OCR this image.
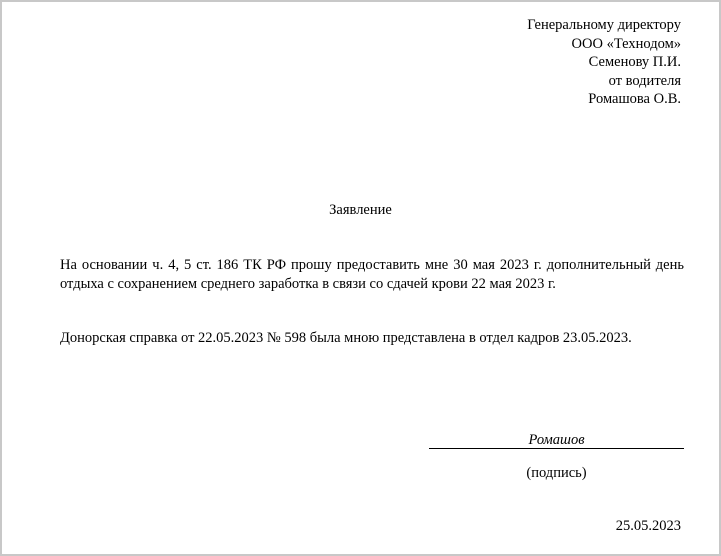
Генеральному директору
ООО «Технодом»
Семенову П.И.
от водителя
Ромашова О.В.
Заявление
На основании ч. 4, 5 ст. 186 ТК РФ прошу предоставить мне 30 мая 2023 г. дополнительный день отдыха с сохранением среднего заработка в связи со сдачей крови 22 мая 2023 г.
Донорская справка от 22.05.2023 № 598 была мною представлена в отдел кадров 23.05.2023.
Ромашов
(подпись)
25.05.2023
